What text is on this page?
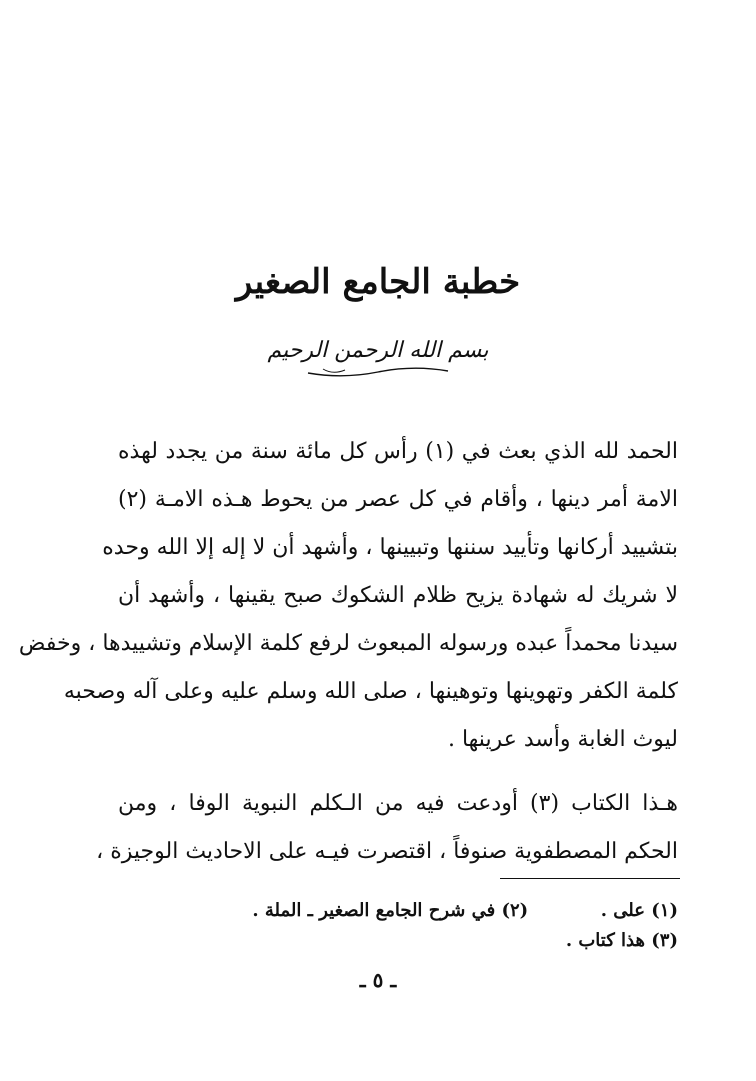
خطبة الجامع الصغير
بسم الله الرحمن الرحيم
الحمد لله الذي بعث في (١) رأس كل مائة سنة من يجدد لهذه
الامة أمر دينها ، وأقام في كل عصر من يحوط هـذه الامـة (٢)
بتشييد أركانها وتأييد سننها وتبيينها ، وأشهد أن لا إله إلا الله وحده
لا شريك له شهادة يزيح ظلام الشكوك صبح يقينها ، وأشهد أن
سيدنا محمداً عبده ورسوله المبعوث لرفع كلمة الإسلام وتشييدها ، وخفض
كلمة الكفر وتهوينها وتوهينها ، صلى الله وسلم عليه وعلى آله وصحبه
ليوث الغابة وأسد عرينها .
هـذا الكتاب (٣) أودعت فيه من الـكلم النبوية الوفا ، ومن
الحكم المصطفوية صنوفاً ، اقتصرت فيـه على الاحاديث الوجيزة ،
(١) على .  (٢) في شرح الجامع الصغير ـ الملة .
(٣) هذا كتاب .
ـ ٥ ـ
